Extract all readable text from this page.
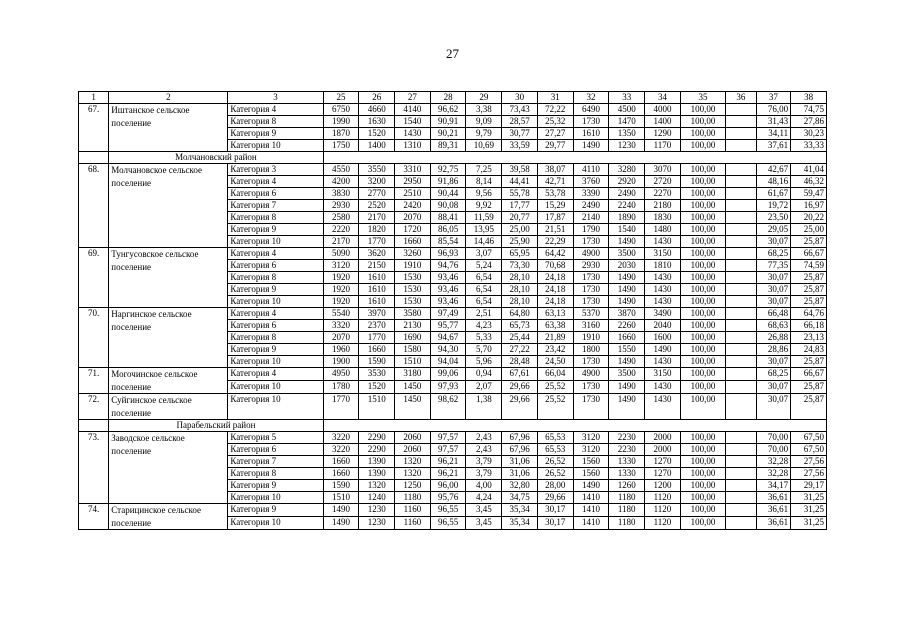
27
1	2	3	25	26	27	28	29	30	31	32	33	34	35	36	37	38
67.	Иштанское сельское поселение	Категория 4	6750	4660	4140	96,62	3,38	73,43	72,22	6490	4500	4000	100,00		76,00	74,75
		Категория 8	1990	1630	1540	90,91	9,09	28,57	25,32	1730	1470	1400	100,00		31,43	27,86
		Категория 9	1870	1520	1430	90,21	9,79	30,77	27,27	1610	1350	1290	100,00		34,11	30,23
		Категория 10	1750	1400	1310	89,31	10,69	33,59	29,77	1490	1230	1170	100,00		37,61	33,33
	Молчановский район															
68.	Молчановское сельское поселение	Категория 3	4550	3550	3310	92,75	7,25	39,58	38,07	4110	3280	3070	100,00		42,67	41,04
		Категория 4	4200	3200	2950	91,86	8,14	44,41	42,71	3760	2920	2720	100,00		48,16	46,32
		Категория 6	3830	2770	2510	90,44	9,56	55,78	53,78	3390	2490	2270	100,00		61,67	59,47
		Категория 7	2930	2520	2420	90,08	9,92	17,77	15,29	2490	2240	2180	100,00		19,72	16,97
		Категория 8	2580	2170	2070	88,41	11,59	20,77	17,87	2140	1890	1830	100,00		23,50	20,22
		Категория 9	2220	1820	1720	86,05	13,95	25,00	21,51	1790	1540	1480	100,00		29,05	25,00
		Категория 10	2170	1770	1660	85,54	14,46	25,90	22,29	1730	1490	1430	100,00		30,07	25,87
69.	Тунгусовское сельское поселение	Категория 4	5090	3620	3260	96,93	3,07	65,95	64,42	4900	3500	3150	100,00		68,25	66,67
		Категория 6	3120	2150	1910	94,76	5,24	73,30	70,68	2930	2030	1810	100,00		77,35	74,59
		Категория 8	1920	1610	1530	93,46	6,54	28,10	24,18	1730	1490	1430	100,00		30,07	25,87
		Категория 9	1920	1610	1530	93,46	6,54	28,10	24,18	1730	1490	1430	100,00		30,07	25,87
		Категория 10	1920	1610	1530	93,46	6,54	28,10	24,18	1730	1490	1430	100,00		30,07	25,87
70.	Наргинское сельское поселение	Категория 4	5540	3970	3580	97,49	2,51	64,80	63,13	5370	3870	3490	100,00		66,48	64,76
		Категория 6	3320	2370	2130	95,77	4,23	65,73	63,38	3160	2260	2040	100,00		68,63	66,18
		Категория 8	2070	1770	1690	94,67	5,33	25,44	21,89	1910	1660	1600	100,00		26,88	23,13
		Категория 9	1960	1660	1580	94,30	5,70	27,22	23,42	1800	1550	1490	100,00		28,86	24,83
		Категория 10	1900	1590	1510	94,04	5,96	28,48	24,50	1730	1490	1430	100,00		30,07	25,87
71.	Могочинское сельское поселение	Категория 4	4950	3530	3180	99,06	0,94	67,61	66,04	4900	3500	3150	100,00		68,25	66,67
		Категория 10	1780	1520	1450	97,93	2,07	29,66	25,52	1730	1490	1430	100,00		30,07	25,87
72.	Суйгинское сельское поселение	Категория 10	1770	1510	1450	98,62	1,38	29,66	25,52	1730	1490	1430	100,00		30,07	25,87
	Парабельский район															
73.	Заводское сельское поселение	Категория 5	3220	2290	2060	97,57	2,43	67,96	65,53	3120	2230	2000	100,00		70,00	67,50
		Категория 6	3220	2290	2060	97,57	2,43	67,96	65,53	3120	2230	2000	100,00		70,00	67,50
		Категория 7	1660	1390	1320	96,21	3,79	31,06	26,52	1560	1330	1270	100,00		32,28	27,56
		Категория 8	1660	1390	1320	96,21	3,79	31,06	26,52	1560	1330	1270	100,00		32,28	27,56
		Категория 9	1590	1320	1250	96,00	4,00	32,80	28,00	1490	1260	1200	100,00		34,17	29,17
		Категория 10	1510	1240	1180	95,76	4,24	34,75	29,66	1410	1180	1120	100,00		36,61	31,25
74.	Старицинское сельское поселение	Категория 9	1490	1230	1160	96,55	3,45	35,34	30,17	1410	1180	1120	100,00		36,61	31,25
		Категория 10	1490	1230	1160	96,55	3,45	35,34	30,17	1410	1180	1120	100,00		36,61	31,25
